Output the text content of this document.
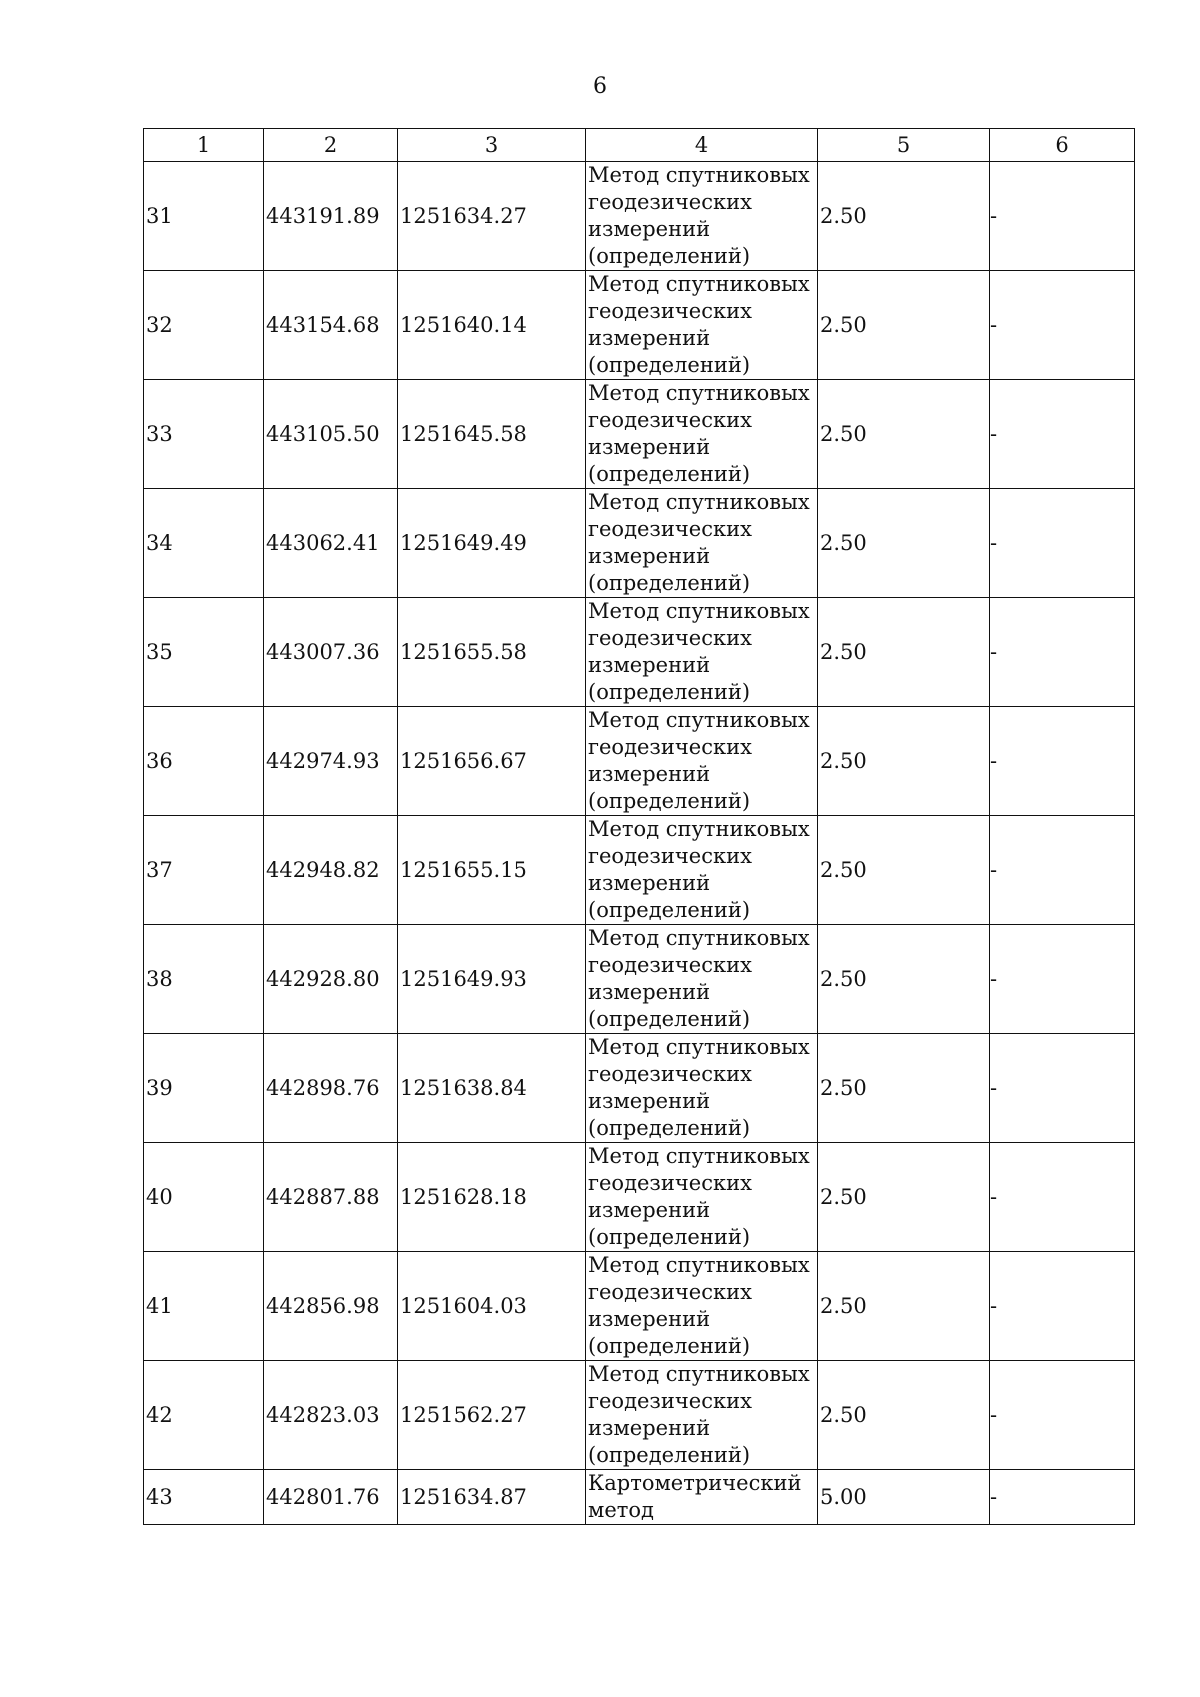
6
1	2	3	4	5	6
31	443191.89	1251634.27	Метод спутниковых геодезических измерений (определений)	2.50	-
32	443154.68	1251640.14	Метод спутниковых геодезических измерений (определений)	2.50	-
33	443105.50	1251645.58	Метод спутниковых геодезических измерений (определений)	2.50	-
34	443062.41	1251649.49	Метод спутниковых геодезических измерений (определений)	2.50	-
35	443007.36	1251655.58	Метод спутниковых геодезических измерений (определений)	2.50	-
36	442974.93	1251656.67	Метод спутниковых геодезических измерений (определений)	2.50	-
37	442948.82	1251655.15	Метод спутниковых геодезических измерений (определений)	2.50	-
38	442928.80	1251649.93	Метод спутниковых геодезических измерений (определений)	2.50	-
39	442898.76	1251638.84	Метод спутниковых геодезических измерений (определений)	2.50	-
40	442887.88	1251628.18	Метод спутниковых геодезических измерений (определений)	2.50	-
41	442856.98	1251604.03	Метод спутниковых геодезических измерений (определений)	2.50	-
42	442823.03	1251562.27	Метод спутниковых геодезических измерений (определений)	2.50	-
43	442801.76	1251634.87	Картометрический метод	5.00	-
